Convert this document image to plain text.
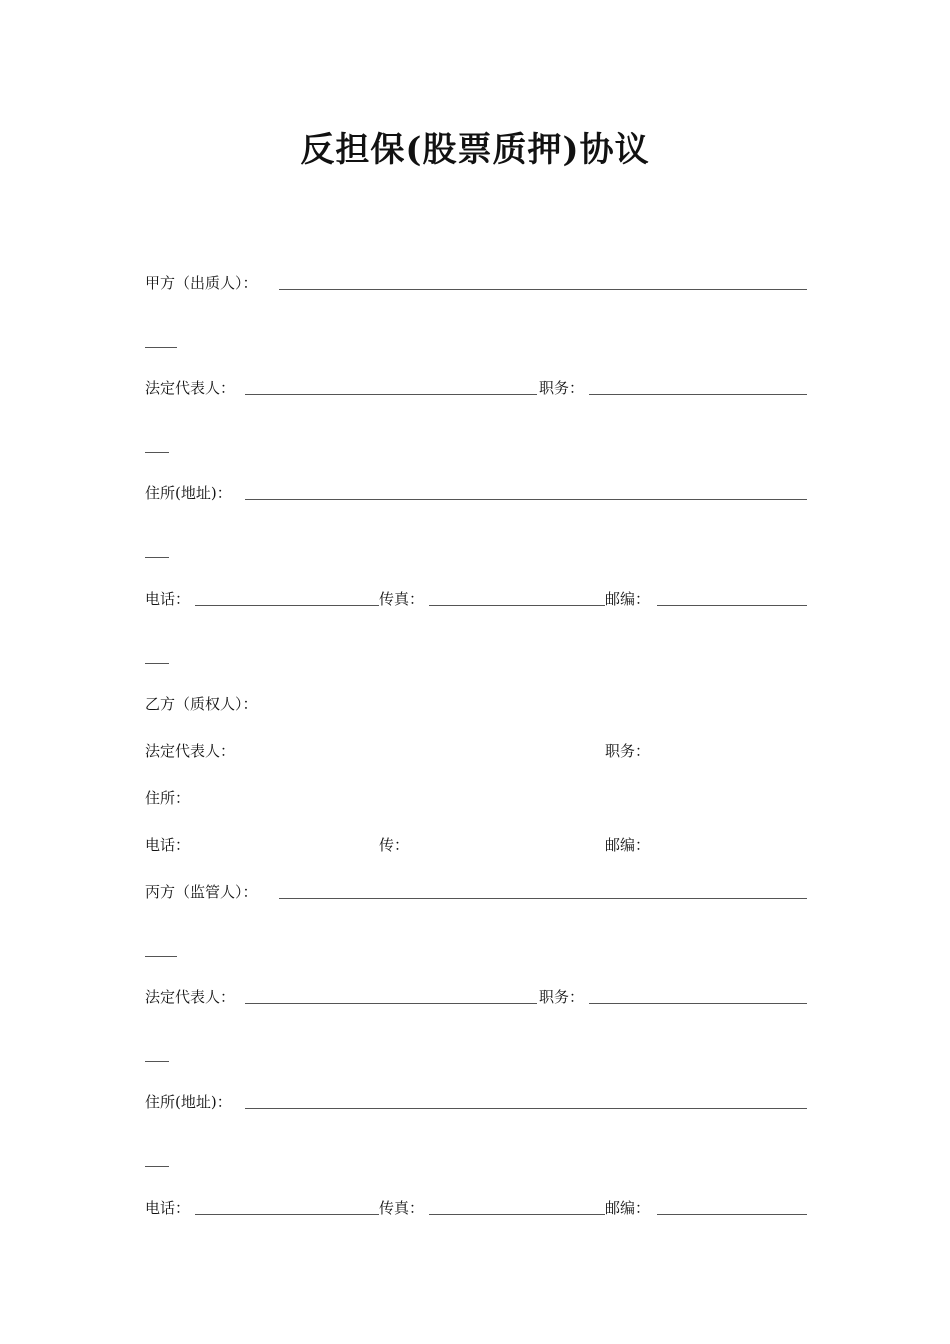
反担保(股票质押)协议
甲方（出质人）：
法定代表人：	职务：
住所(地址)：
电话：	传真：	邮编：
乙方（质权人）：
法定代表人：	职务：
住所：
电话：	传：	邮编：
丙方（监管人）：
法定代表人：	职务：
住所(地址)：
电话：	传真：	邮编：
